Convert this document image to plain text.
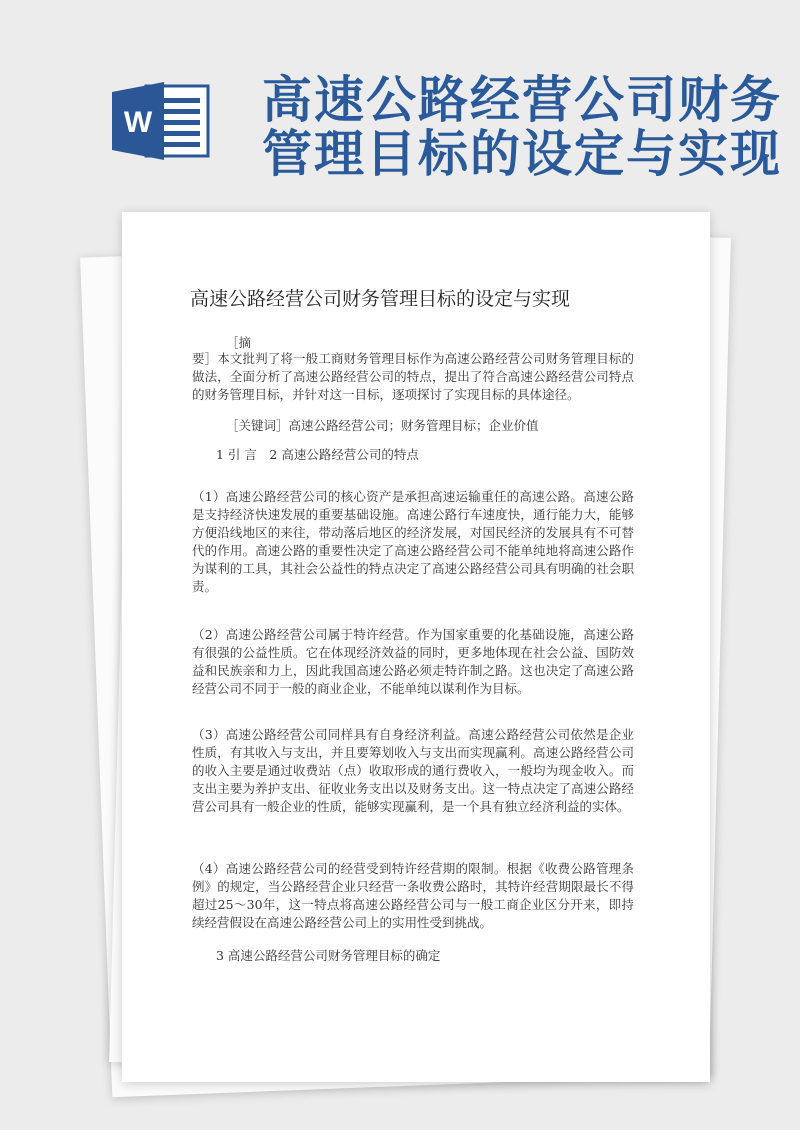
W 高速公路经营公司财务
管理目标的设定与实现
高速公路经营公司财务管理目标的设定与实现
［摘
要］本文批判了将一般工商财务管理目标作为高速公路经营公司财务管理目标的做法，全面分析了高速公路经营公司的特点，提出了符合高速公路经营公司特点的财务管理目标，并针对这一目标，逐项探讨了实现目标的具体途径。
［关键词］高速公路经营公司；财务管理目标；企业价值
1 引 言　2 高速公路经营公司的特点
（1）高速公路经营公司的核心资产是承担高速运输重任的高速公路。高速公路是支持经济快速发展的重要基础设施。高速公路行车速度快，通行能力大，能够方便沿线地区的来往，带动落后地区的经济发展，对国民经济的发展具有不可替代的作用。高速公路的重要性决定了高速公路经营公司不能单纯地将高速公路作为谋利的工具，其社会公益性的特点决定了高速公路经营公司具有明确的社会职责。
（2）高速公路经营公司属于特许经营。作为国家重要的化基础设施，高速公路有很强的公益性质。它在体现经济效益的同时，更多地体现在社会公益、国防效益和民族亲和力上，因此我国高速公路必须走特许制之路。这也决定了高速公路经营公司不同于一般的商业企业，不能单纯以谋利作为目标。
（3）高速公路经营公司同样具有自身经济利益。高速公路经营公司依然是企业性质，有其收入与支出，并且要筹划收入与支出而实现赢利。高速公路经营公司的收入主要是通过收费站（点）收取形成的通行费收入，一般均为现金收入。而支出主要为养护支出、征收业务支出以及财务支出。这一特点决定了高速公路经营公司具有一般企业的性质，能够实现赢利，是一个具有独立经济利益的实体。
（4）高速公路经营公司的经营受到特许经营期的限制。根据《收费公路管理条例》的规定，当公路经营企业只经营一条收费公路时，其特许经营期限最长不得超过25～30年，这一特点将高速公路经营公司与一般工商企业区分开来，即持续经营假设在高速公路经营公司上的实用性受到挑战。
3 高速公路经营公司财务管理目标的确定
